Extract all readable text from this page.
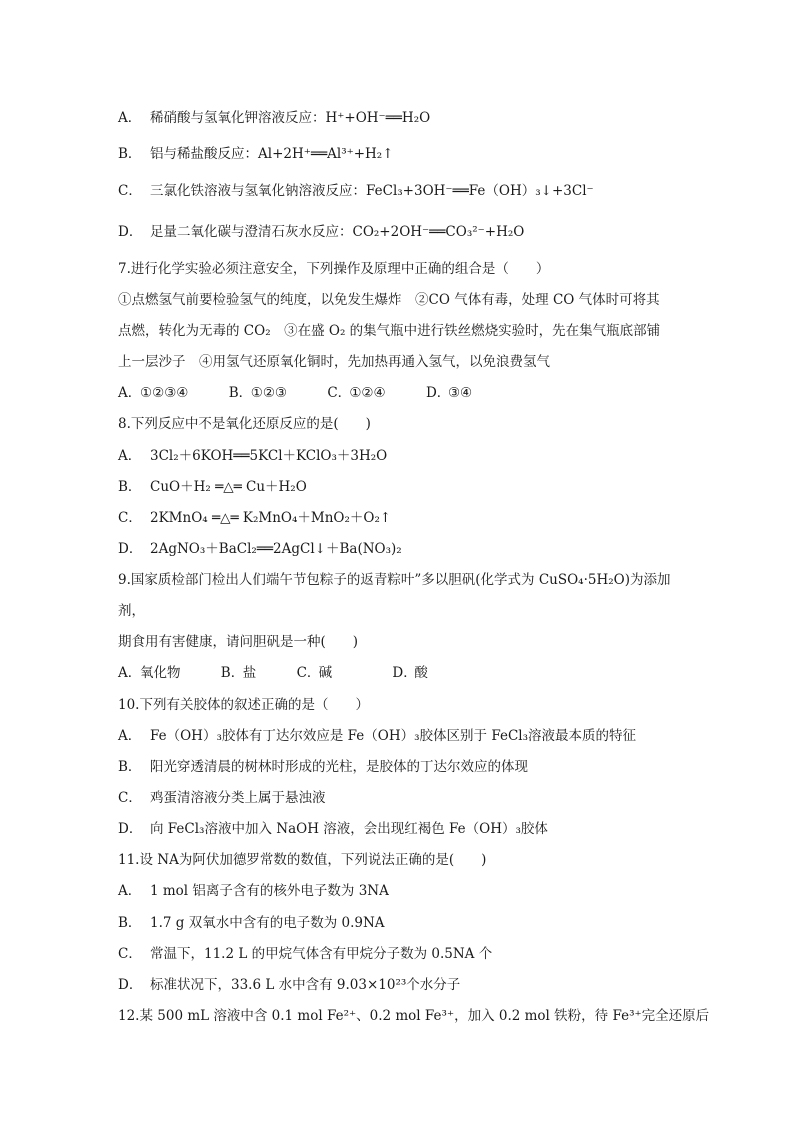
A． 稀硝酸与氢氧化钾溶液反应：H⁺+OH⁻══H₂O
B． 铝与稀盐酸反应：Al+2H⁺══Al³⁺+H₂↑
C． 三氯化铁溶液与氢氧化钠溶液反应：FeCl₃+3OH⁻══Fe（OH）₃↓+3Cl⁻
D． 足量二氧化碳与澄清石灰水反应：CO₂+2OH⁻══CO₃²⁻+H₂O
7.进行化学实验必须注意安全，下列操作及原理中正确的组合是（　　）
①点燃氢气前要检验氢气的纯度，以免发生爆炸　②CO 气体有毒，处理 CO 气体时可将其
点燃，转化为无毒的 CO₂　③在盛 O₂ 的集气瓶中进行铁丝燃烧实验时，先在集气瓶底部铺
上一层沙子　④用氢气还原氧化铜时，先加热再通入氢气，以免浪费氢气
A．①②③④	B．①②③	C．①②④	D．③④
8.下列反应中不是氧化还原反应的是(　　)
A． 3Cl₂＋6KOH══5KCl＋KClO₃＋3H₂O
B． CuO＋H₂ ═△═ Cu＋H₂O
C． 2KMnO₄ ═△═ K₂MnO₄＋MnO₂＋O₂↑
D． 2AgNO₃＋BaCl₂══2AgCl↓＋Ba(NO₃)₂
9.国家质检部门检出人们端午节包粽子的返青粽叶”多以胆矾(化学式为 CuSO₄·5H₂O)为添加
剂，
期食用有害健康，请问胆矾是一种(　　)
A．氧化物	B．盐	C．碱	D．酸
10.下列有关胶体的叙述正确的是（　　）
A． Fe（OH）₃胶体有丁达尔效应是 Fe（OH）₃胶体区别于 FeCl₃溶液最本质的特征
B． 阳光穿透清晨的树林时形成的光柱，是胶体的丁达尔效应的体现
C． 鸡蛋清溶液分类上属于悬浊液
D． 向 FeCl₃溶液中加入 NaOH 溶液，会出现红褐色 Fe（OH）₃胶体
11.设 NA为阿伏加德罗常数的数值，下列说法正确的是(　　)
A． 1 mol 铝离子含有的核外电子数为 3NA
B． 1.7 g 双氧水中含有的电子数为 0.9NA
C． 常温下，11.2 L 的甲烷气体含有甲烷分子数为 0.5NA 个
D． 标准状况下，33.6 L 水中含有 9.03×10²³个水分子
12.某 500 mL 溶液中含 0.1 mol Fe²⁺、0.2 mol Fe³⁺，加入 0.2 mol 铁粉，待 Fe³⁺完全还原后
